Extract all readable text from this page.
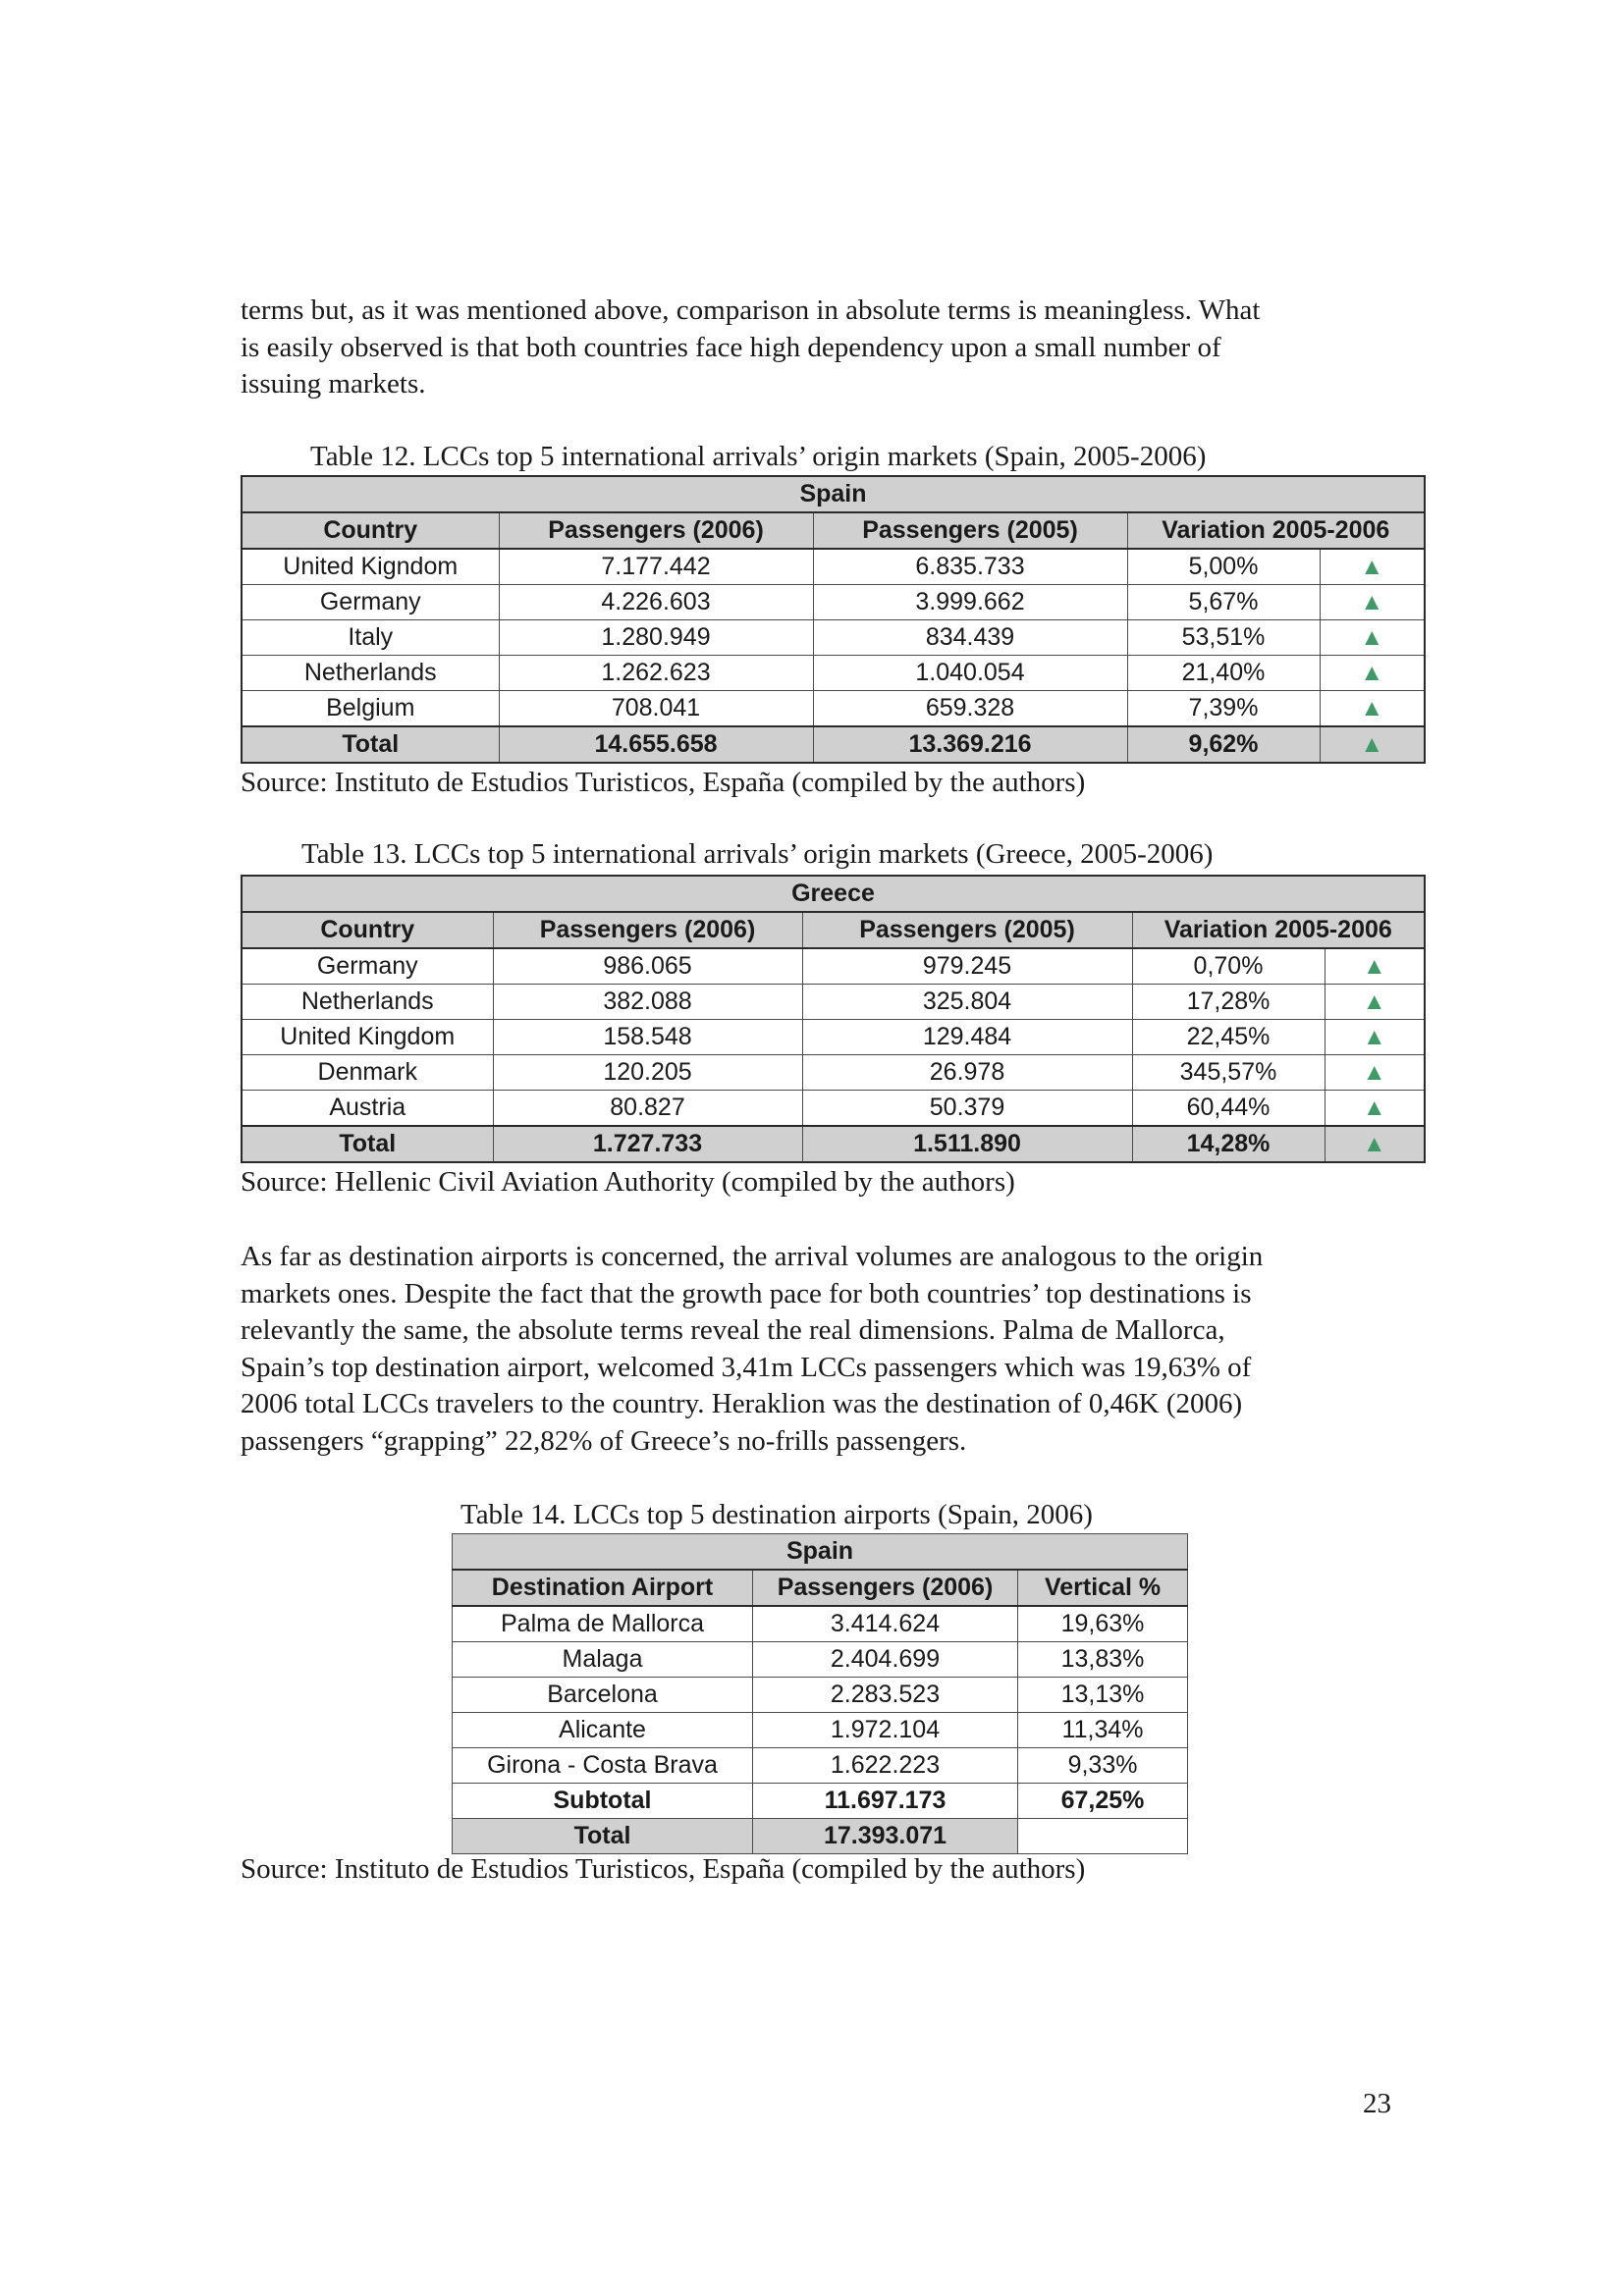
terms but, as it was mentioned above, comparison in absolute terms is meaningless. What
is easily observed is that both countries face high dependency upon a small number of
issuing markets.
Table 12. LCCs top 5 international arrivals’ origin markets (Spain, 2005-2006)
Spain				
Country	Passengers (2006)	Passengers (2005)	Variation 2005-2006	
United Kigndom	7.177.442	6.835.733	5,00%	▲
Germany	4.226.603	3.999.662	5,67%	▲
Italy	1.280.949	834.439	53,51%	▲
Netherlands	1.262.623	1.040.054	21,40%	▲
Belgium	708.041	659.328	7,39%	▲
Total	14.655.658	13.369.216	9,62%	▲
Source: Instituto de Estudios Turisticos, España (compiled by the authors)
Table 13. LCCs top 5 international arrivals’ origin markets (Greece, 2005-2006)
Greece				
Country	Passengers (2006)	Passengers (2005)	Variation 2005-2006	
Germany	986.065	979.245	0,70%	▲
Netherlands	382.088	325.804	17,28%	▲
United Kingdom	158.548	129.484	22,45%	▲
Denmark	120.205	26.978	345,57%	▲
Austria	80.827	50.379	60,44%	▲
Total	1.727.733	1.511.890	14,28%	▲
Source: Hellenic Civil Aviation Authority (compiled by the authors)
As far as destination airports is concerned, the arrival volumes are analogous to the origin
markets ones. Despite the fact that the growth pace for both countries’ top destinations is
relevantly the same, the absolute terms reveal the real dimensions. Palma de Mallorca,
Spain’s top destination airport, welcomed 3,41m LCCs passengers which was 19,63% of
2006 total LCCs travelers to the country. Heraklion was the destination of 0,46K (2006)
passengers “grapping” 22,82% of Greece’s no-frills passengers.
Table 14. LCCs top 5 destination airports (Spain, 2006)
Spain		
Destination Airport	Passengers (2006)	Vertical %
Palma de Mallorca	3.414.624	19,63%
Malaga	2.404.699	13,83%
Barcelona	2.283.523	13,13%
Alicante	1.972.104	11,34%
Girona - Costa Brava	1.622.223	9,33%
Subtotal	11.697.173	67,25%
Total	17.393.071	
Source: Instituto de Estudios Turisticos, España (compiled by the authors)
23
